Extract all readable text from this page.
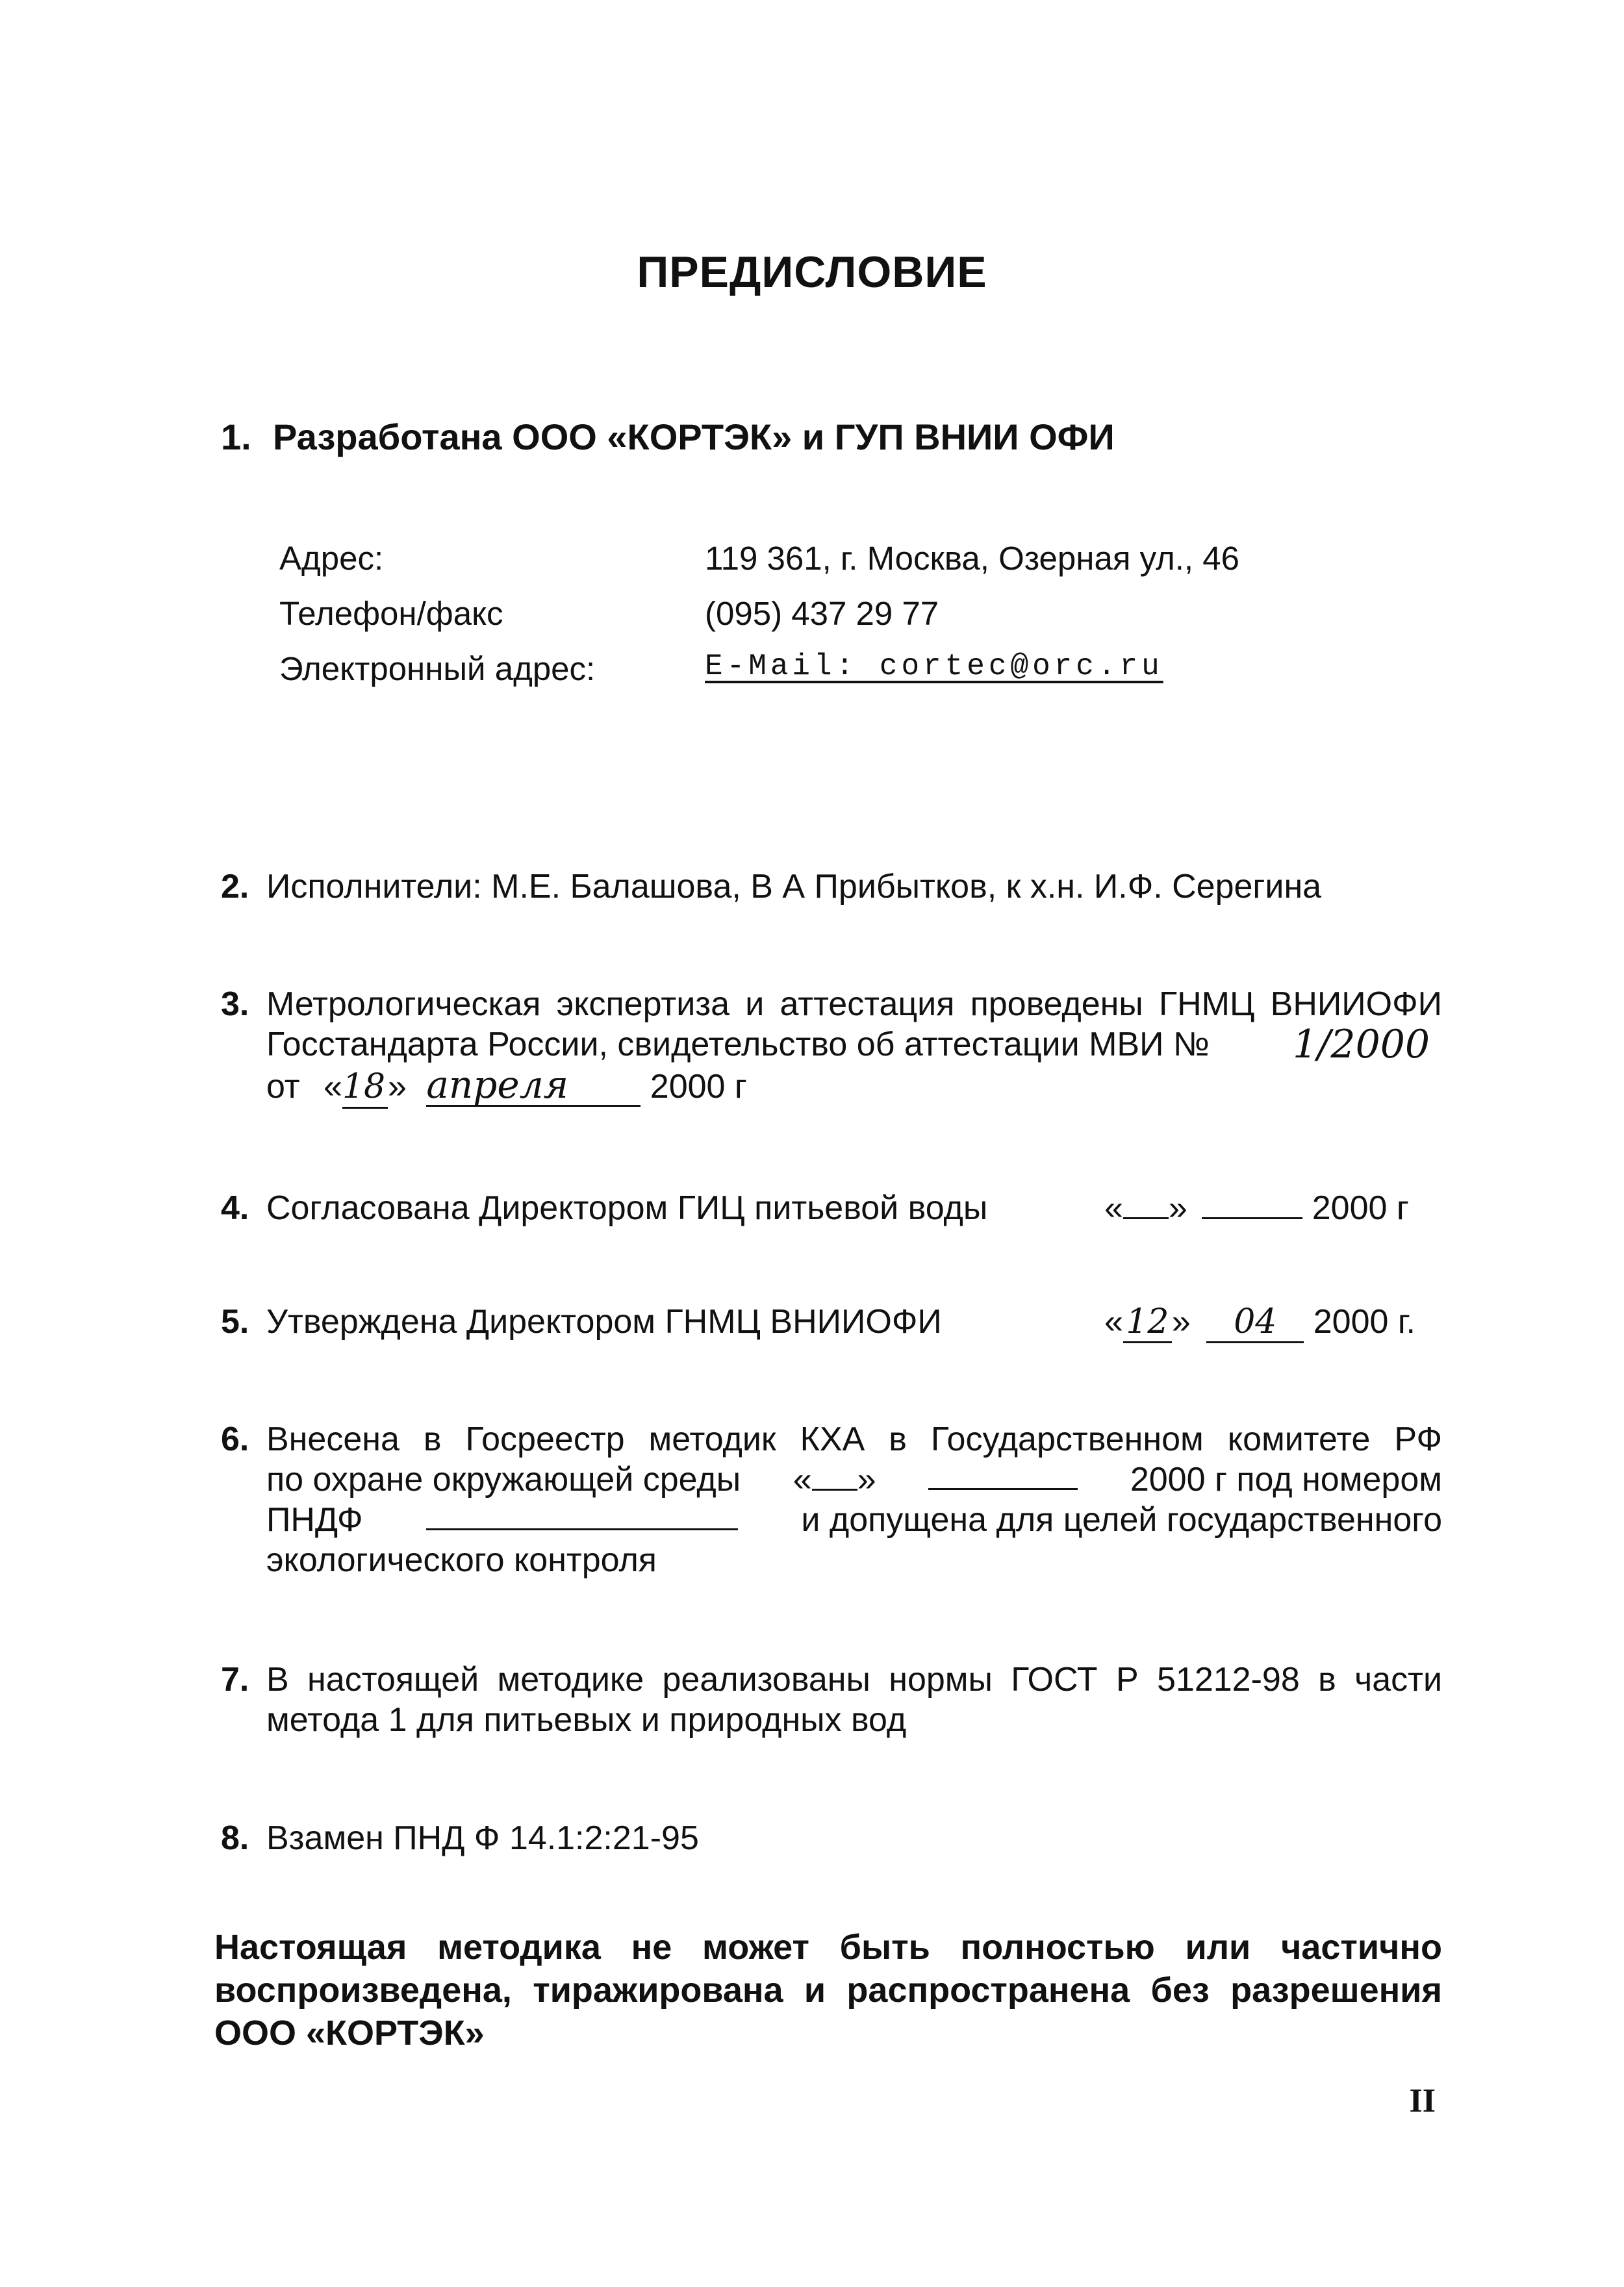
ПРЕДИСЛОВИЕ
1. Разработана ООО «КОРТЭК» и ГУП ВНИИ ОФИ
Адрес:	119 361, г. Москва, Озерная ул., 46
Телефон/факс	(095) 437 29 77
Электронный адрес:	E-Mail: cortec@orc.ru
2. Исполнители: М.Е. Балашова, В А Прибытков, к х.н. И.Ф. Серегина
3. Метрологическая экспертиза и аттестация проведены ГНМЦ ВНИИОФИ
Госстандарта России, свидетельство об аттестации МВИ № 1/2000
от «18» апреля 2000 г
4. Согласована Директором ГИЦ питьевой воды	« »	2000 г
5. Утверждена Директором ГНМЦ ВНИИОФИ	«12» 04 2000 г.
6. Внесена в Госреестр методик КХА в Государственном комитете РФ
по охране окружающей среды « »	2000 г под номером
ПНДФ	и допущена для целей государственного
экологического контроля
7. В настоящей методике реализованы нормы ГОСТ Р 51212-98 в части
метода 1 для питьевых и природных вод
8. Взамен ПНД Ф 14.1:2:21-95
Настоящая методика не может быть полностью или частично воспроизведена, тиражирована и распространена без разрешения ООО «КОРТЭК»
II
